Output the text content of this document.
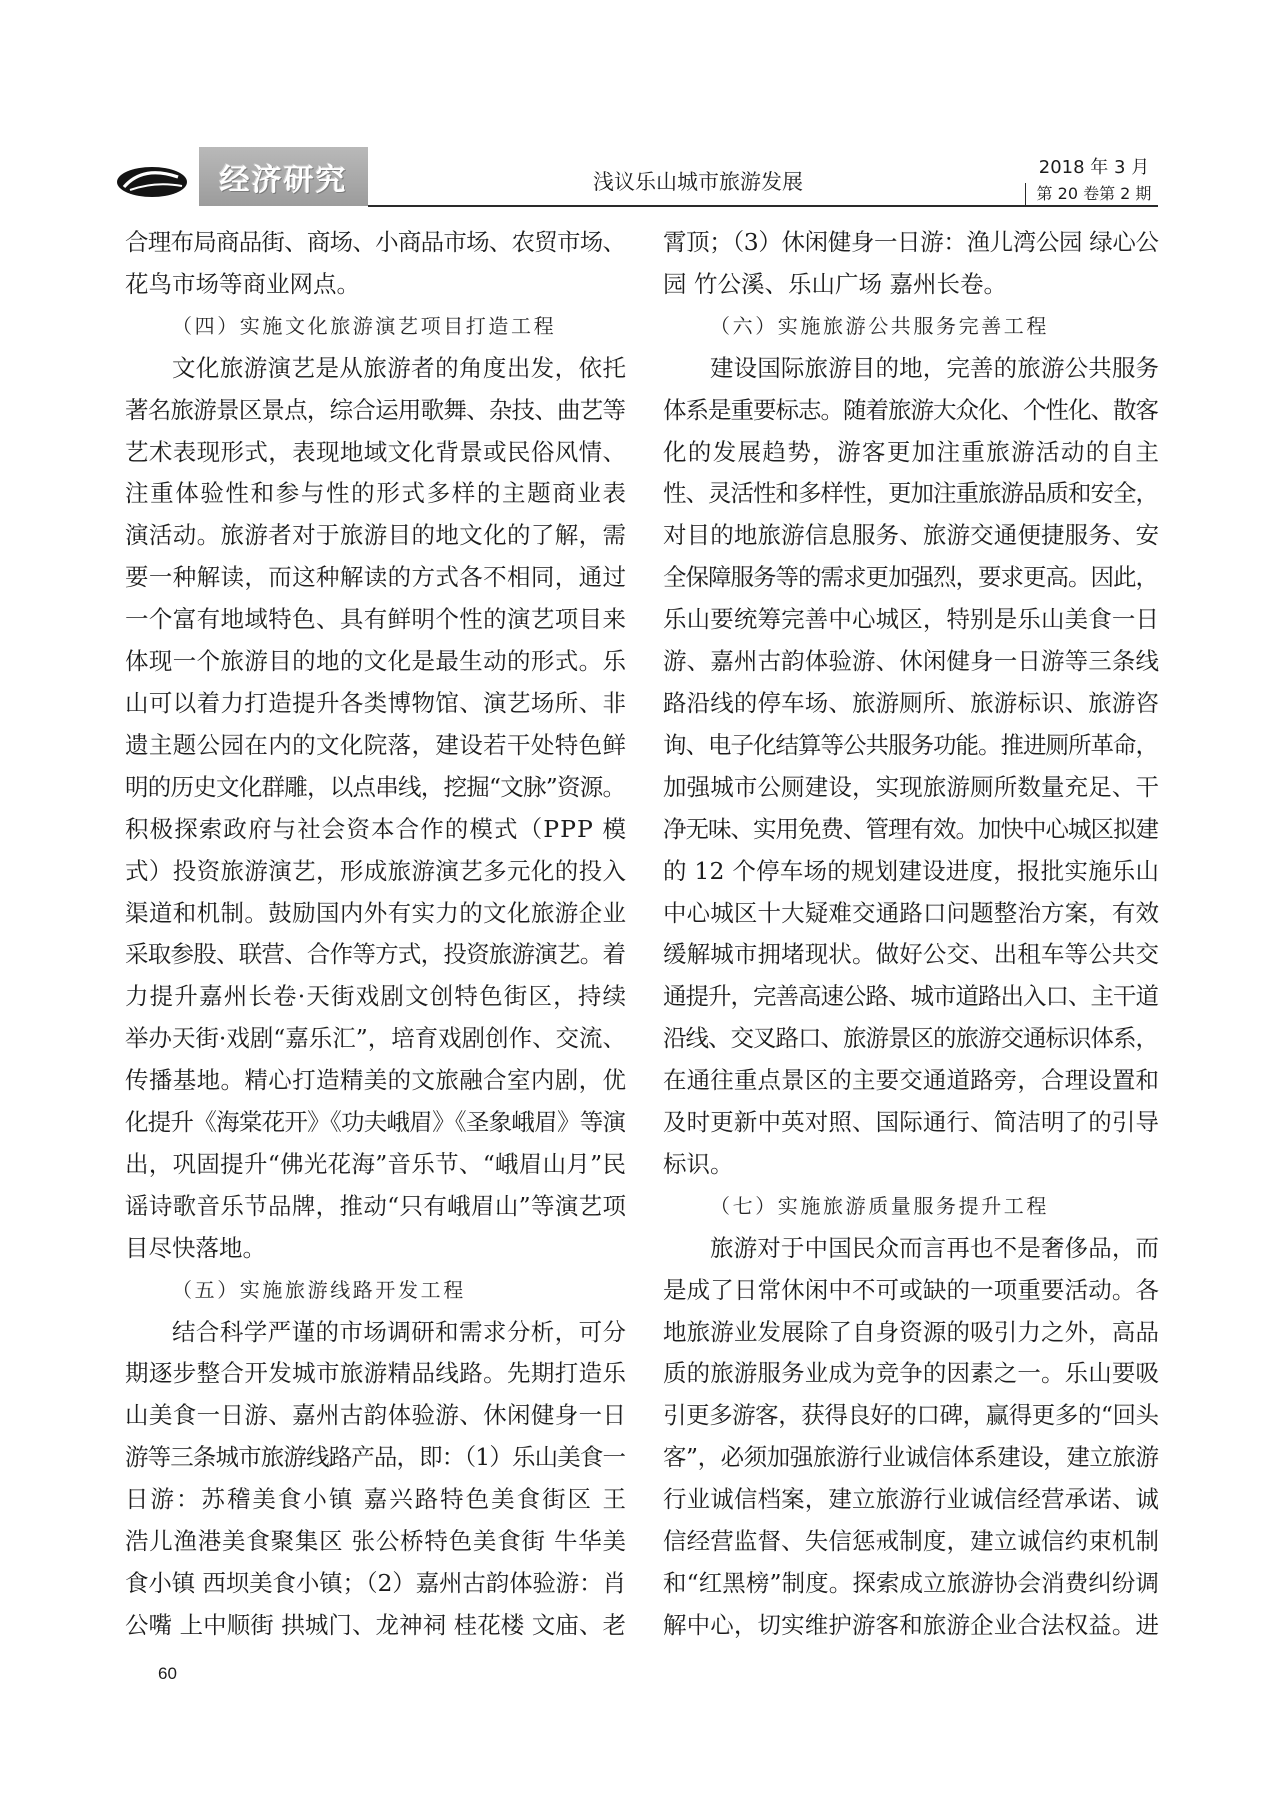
经济研究	浅议乐山城市旅游发展
2018 年 3 月
第 20 卷第 2 期
合理布局商品街、商场、小商品市场、农贸市场、
花鸟市场等商业网点。
（四）实施文化旅游演艺项目打造工程
文化旅游演艺是从旅游者的角度出发，依托
著名旅游景区景点，综合运用歌舞、杂技、曲艺等
艺术表现形式，表现地域文化背景或民俗风情、
注重体验性和参与性的形式多样的主题商业表
演活动。旅游者对于旅游目的地文化的了解，需
要一种解读，而这种解读的方式各不相同，通过
一个富有地域特色、具有鲜明个性的演艺项目来
体现一个旅游目的地的文化是最生动的形式。乐
山可以着力打造提升各类博物馆、演艺场所、非
遗主题公园在内的文化院落，建设若干处特色鲜
明的历史文化群雕，以点串线，挖掘“文脉”资源。
积极探索政府与社会资本合作的模式（PPP 模
式）投资旅游演艺，形成旅游演艺多元化的投入
渠道和机制。鼓励国内外有实力的文化旅游企业
采取参股、联营、合作等方式，投资旅游演艺。着
力提升嘉州长卷·天街戏剧文创特色街区，持续
举办天街·戏剧“嘉乐汇”，培育戏剧创作、交流、
传播基地。精心打造精美的文旅融合室内剧，优
化提升《海棠花开》《功夫峨眉》《圣象峨眉》等演
出，巩固提升“佛光花海”音乐节、“峨眉山月”民
谣诗歌音乐节品牌，推动“只有峨眉山”等演艺项
目尽快落地。
（五）实施旅游线路开发工程
结合科学严谨的市场调研和需求分析，可分
期逐步整合开发城市旅游精品线路。先期打造乐
山美食一日游、嘉州古韵体验游、休闲健身一日
游等三条城市旅游线路产品，即：（1）乐山美食一
日游：苏稽美食小镇 嘉兴路特色美食街区 王
浩儿渔港美食聚集区 张公桥特色美食街 牛华美
食小镇 西坝美食小镇；（2）嘉州古韵体验游：肖
公嘴 上中顺街 拱城门、龙神祠 桂花楼 文庙、老
霄顶；（3）休闲健身一日游：渔儿湾公园 绿心公
园 竹公溪、乐山广场 嘉州长卷。
（六）实施旅游公共服务完善工程
建设国际旅游目的地，完善的旅游公共服务
体系是重要标志。随着旅游大众化、个性化、散客
化的发展趋势，游客更加注重旅游活动的自主
性、灵活性和多样性，更加注重旅游品质和安全，
对目的地旅游信息服务、旅游交通便捷服务、安
全保障服务等的需求更加强烈，要求更高。因此，
乐山要统筹完善中心城区，特别是乐山美食一日
游、嘉州古韵体验游、休闲健身一日游等三条线
路沿线的停车场、旅游厕所、旅游标识、旅游咨
询、电子化结算等公共服务功能。推进厕所革命，
加强城市公厕建设，实现旅游厕所数量充足、干
净无味、实用免费、管理有效。加快中心城区拟建
的 12 个停车场的规划建设进度，报批实施乐山
中心城区十大疑难交通路口问题整治方案，有效
缓解城市拥堵现状。做好公交、出租车等公共交
通提升，完善高速公路、城市道路出入口、主干道
沿线、交叉路口、旅游景区的旅游交通标识体系，
在通往重点景区的主要交通道路旁，合理设置和
及时更新中英对照、国际通行、简洁明了的引导
标识。
（七）实施旅游质量服务提升工程
旅游对于中国民众而言再也不是奢侈品，而
是成了日常休闲中不可或缺的一项重要活动。各
地旅游业发展除了自身资源的吸引力之外，高品
质的旅游服务业成为竞争的因素之一。乐山要吸
引更多游客，获得良好的口碑，赢得更多的“回头
客”，必须加强旅游行业诚信体系建设，建立旅游
行业诚信档案，建立旅游行业诚信经营承诺、诚
信经营监督、失信惩戒制度，建立诚信约束机制
和“红黑榜”制度。探索成立旅游协会消费纠纷调
解中心，切实维护游客和旅游企业合法权益。进
60
